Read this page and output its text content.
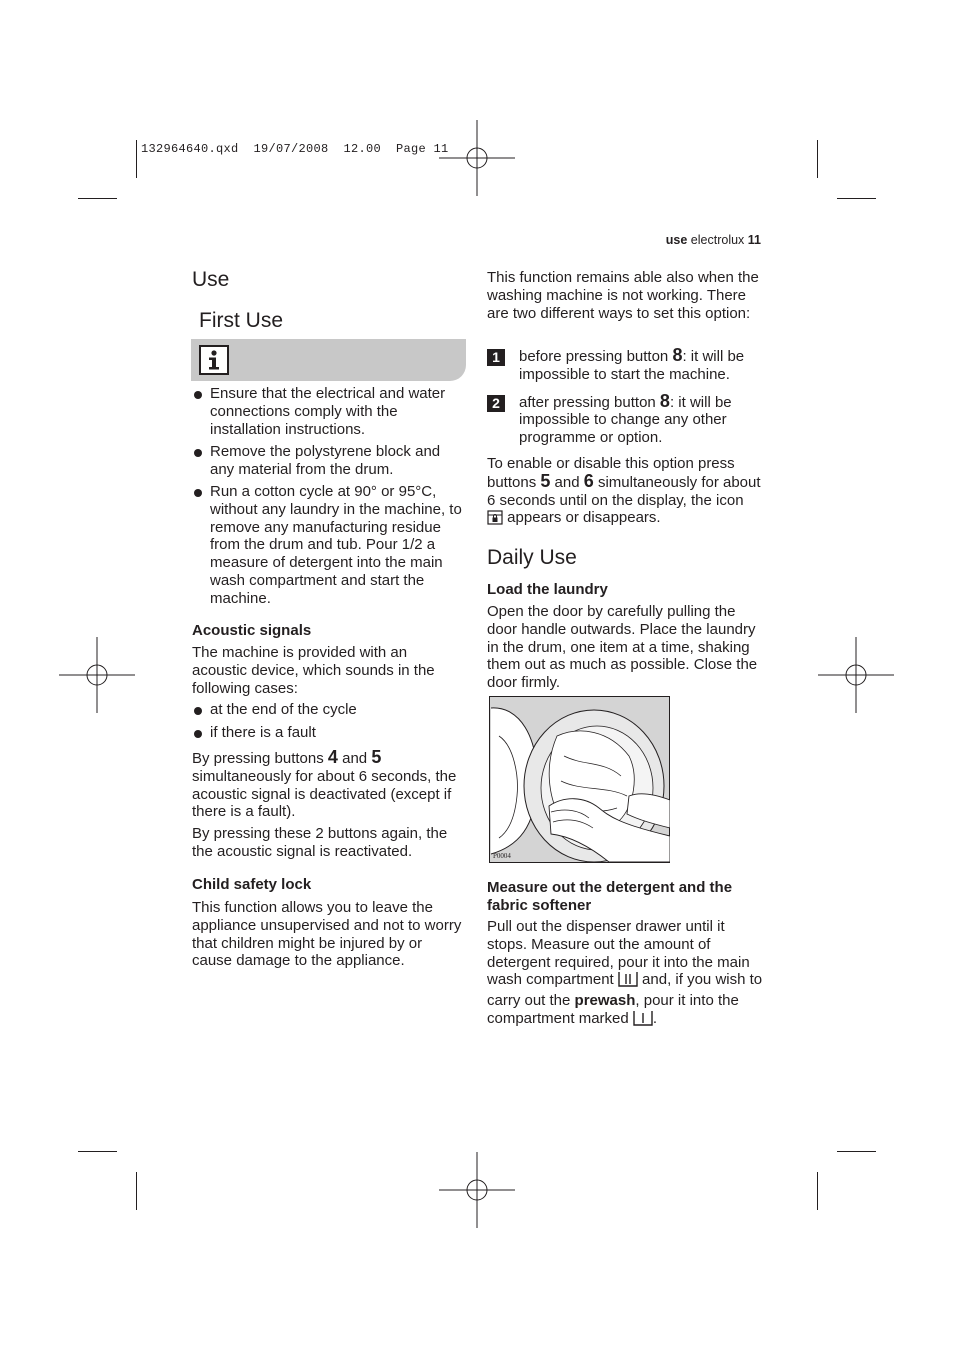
132964640.qxd  19/07/2008  12.00  Page 11
use electrolux 11
Use
First Use
Ensure that the electrical and water connections comply with the installation instructions.
Remove the polystyrene block and any material from the drum.
Run a cotton cycle at 90° or 95°C, without any laundry in the machine, to remove any manufacturing residue from the drum and tub. Pour 1/2 a measure of detergent into the main wash compartment and start the machine.
Acoustic signals
The machine is provided with an acoustic device, which sounds in the following cases:
at the end of the cycle
if there is a fault
By pressing buttons 4 and 5 simultaneously for about 6 seconds, the acoustic signal is deactivated (except if there is a fault).
By pressing these 2 buttons again, the the acoustic signal is reactivated.
Child safety lock
This function allows you to leave the appliance unsupervised and not to worry that children might be injured by or cause damage to the appliance.
This function remains able also when the washing machine is not working. There are two different ways to set this option:
1	before pressing button 8: it will be impossible to start the machine.
2	after pressing button 8: it will be impossible to change any other programme or option.
To enable or disable this option press buttons 5 and 6 simultaneously for about 6 seconds until on the display, the icon  appears or disappears.
Daily Use
Load the laundry
Open the door by carefully pulling the door handle outwards. Place the laundry in the drum, one item at a time, shaking them out as much as possible. Close the door firmly.
P0004
Measure out the detergent and the fabric softener
Pull out the dispenser drawer until it stops. Measure out the amount of detergent required, pour it into the main wash compartment  and, if you wish to carry out the prewash, pour it into the compartment marked .
